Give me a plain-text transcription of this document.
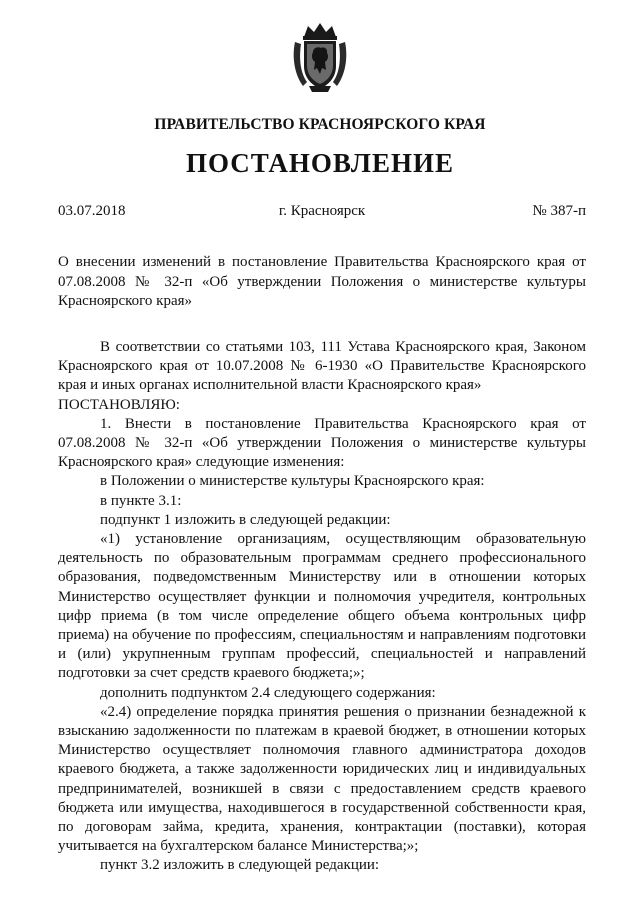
ПРАВИТЕЛЬСТВО КРАСНОЯРСКОГО КРАЯ
ПОСТАНОВЛЕНИЕ
03.07.2018	г. Красноярск	№ 387-п
О внесении изменений в постановление Правительства Красноярского края от 07.08.2008 № 32-п «Об утверждении Положения о министерстве культуры Красноярского края»

В соответствии со статьями 103, 111 Устава Красноярского края, Законом Красноярского края от 10.07.2008 № 6-1930 «О Правительстве Красноярского края и иных органах исполнительной власти Красноярского края»

ПОСТАНОВЛЯЮ:

1. Внести в постановление Правительства Красноярского края от 07.08.2008 № 32-п «Об утверждении Положения о министерстве культуры Красноярского края» следующие изменения:

в Положении о министерстве культуры Красноярского края:

в пункте 3.1:

подпункт 1 изложить в следующей редакции:

«1) установление организациям, осуществляющим образовательную деятельность по образовательным программам среднего профессионального образования, подведомственным Министерству или в отношении которых Министерство осуществляет функции и полномочия учредителя, контрольных цифр приема (в том числе определение общего объема контрольных цифр приема) на обучение по профессиям, специальностям и направлениям подготовки и (или) укрупненным группам профессий, специальностей и направлений подготовки за счет средств краевого бюджета;»;

дополнить подпунктом 2.4 следующего содержания:

«2.4) определение порядка принятия решения о признании безнадежной к взысканию задолженности по платежам в краевой бюджет, в отношении которых Министерство осуществляет полномочия главного администратора доходов краевого бюджета, а также задолженности юридических лиц и индивидуальных предпринимателей, возникшей в связи с предоставлением средств краевого бюджета или имущества, находившегося в государственной собственности края, по договорам займа, кредита, хранения, контрактации (поставки), которая учитывается на бухгалтерском балансе Министерства;»;

пункт 3.2 изложить в следующей редакции:
